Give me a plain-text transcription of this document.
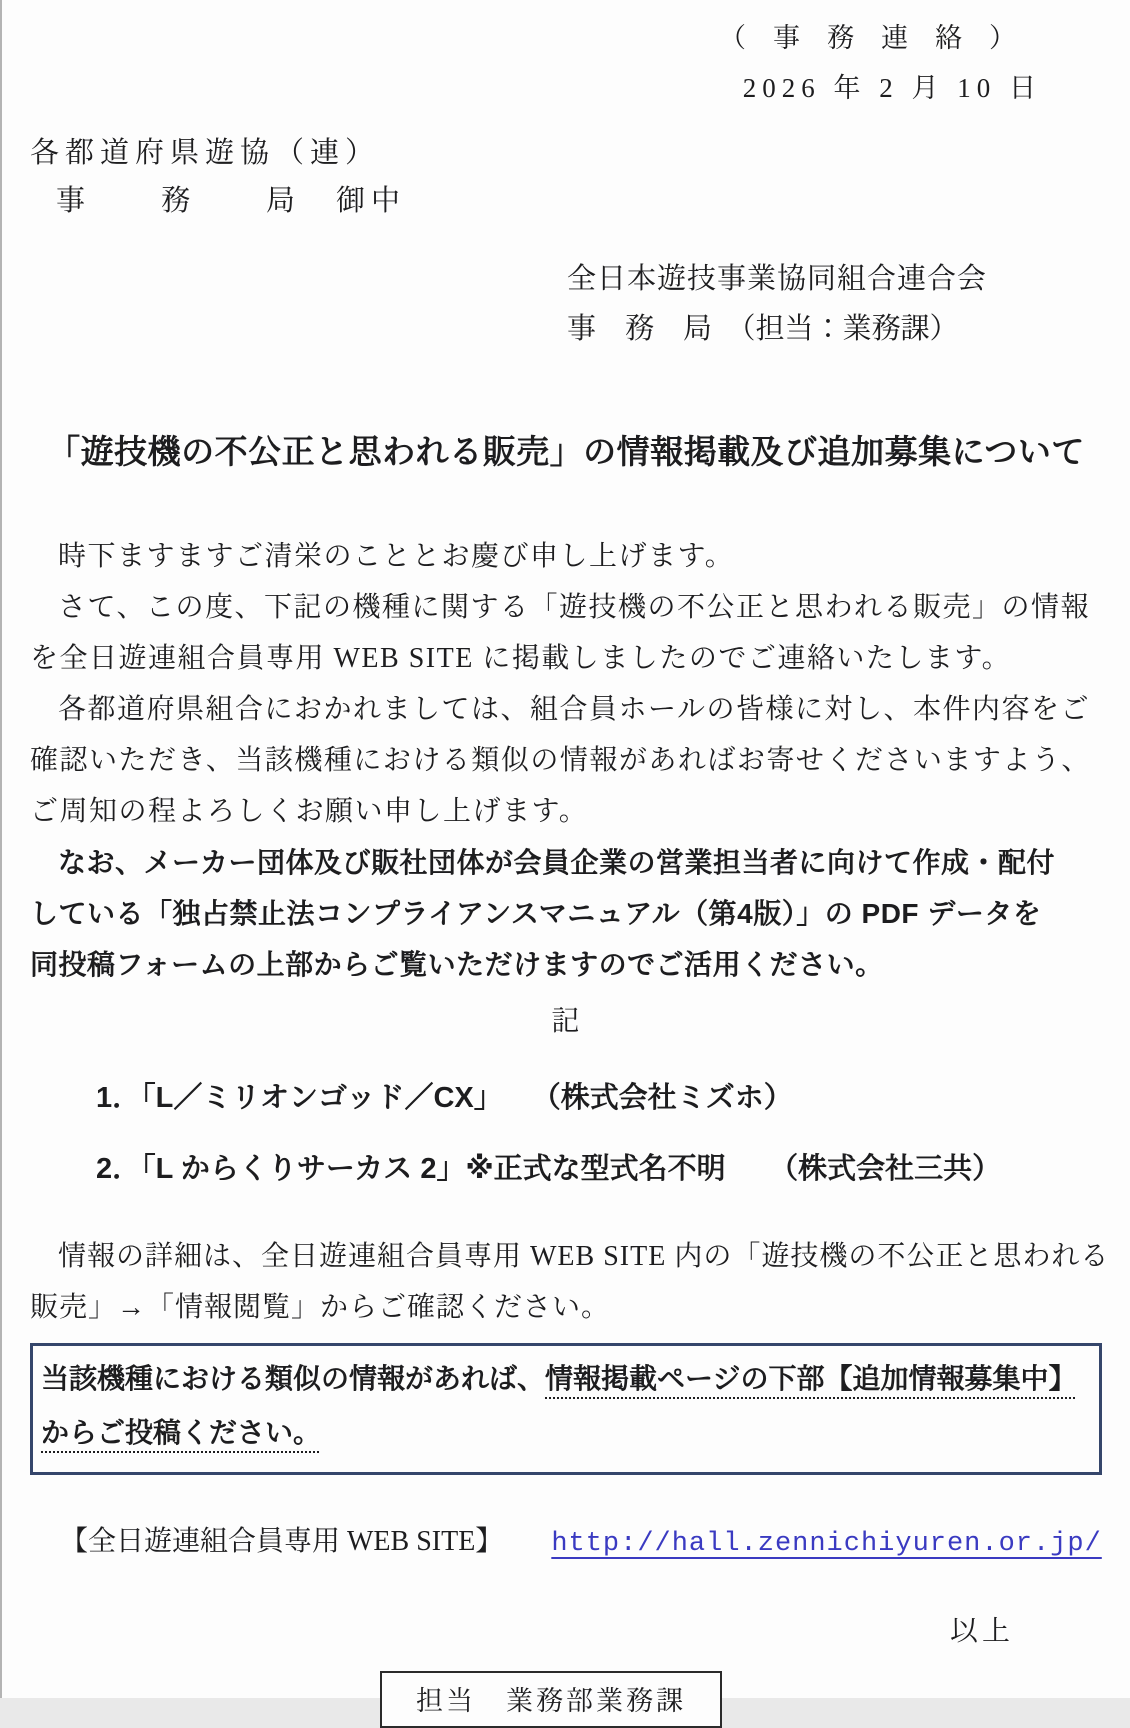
（　事　務　連　絡　）
2026 年 2 月 10 日
各都道府県遊協（連）
事　　務　　局　御中
全日本遊技事業協同組合連合会
事　務　局　（担当：業務課）
「遊技機の不公正と思われる販売」の情報掲載及び追加募集について
時下ますますご清栄のこととお慶び申し上げます。
さて、この度、下記の機種に関する「遊技機の不公正と思われる販売」の情報
を全日遊連組合員専用 WEB SITE に掲載しましたのでご連絡いたします。
各都道府県組合におかれましては、組合員ホールの皆様に対し、本件内容をご
確認いただき、当該機種における類似の情報があればお寄せくださいますよう、
ご周知の程よろしくお願い申し上げます。
なお、メーカー団体及び販社団体が会員企業の営業担当者に向けて作成・配付
している「独占禁止法コンプライアンスマニュアル（第4版）」の PDF データを
同投稿フォームの上部からご覧いただけますのでご活用ください。
記
1．「L／ミリオンゴッド／CX」　　（株式会社ミズホ）
2．「L からくりサーカス 2」※正式な型式名不明　　（株式会社三共）
情報の詳細は、全日遊連組合員専用 WEB SITE 内の「遊技機の不公正と思われる
販売」→「情報閲覧」からご確認ください。
当該機種における類似の情報があれば、情報掲載ページの下部【追加情報募集中】
からご投稿ください。
【全日遊連組合員専用 WEB SITE】 http://hall.zennichiyuren.or.jp/
以上
担当　業務部業務課
